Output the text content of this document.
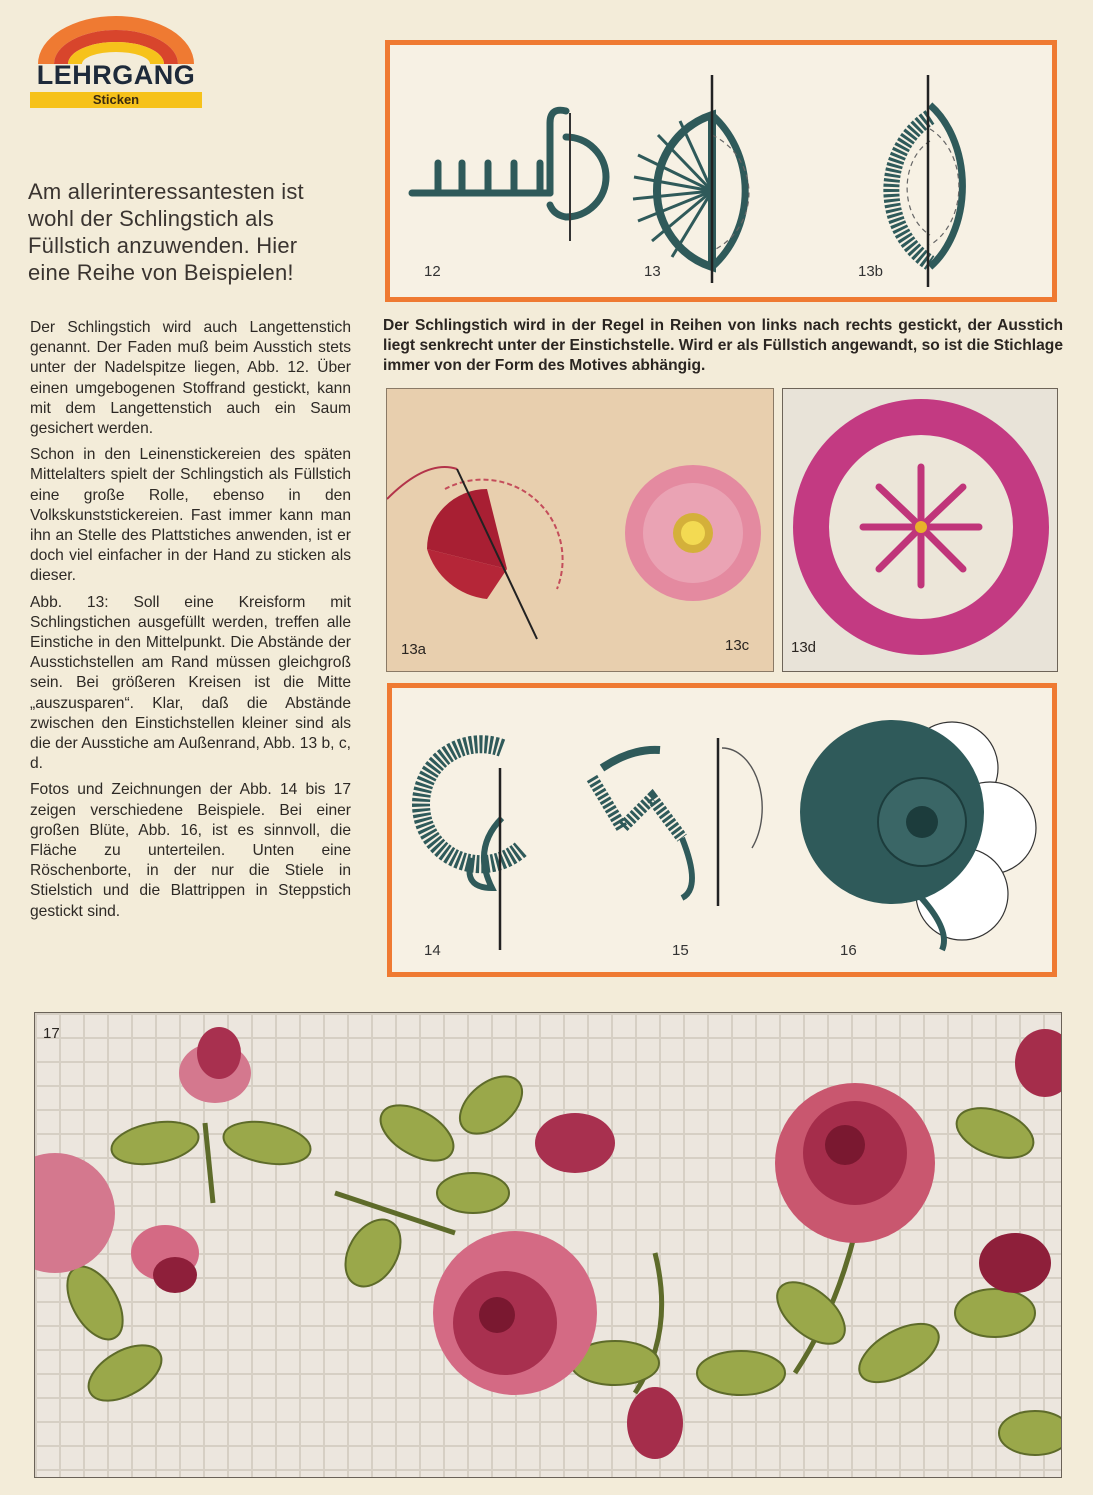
LEHRGANG
Sticken
Am allerinteressantesten ist
wohl der Schlingstich als
Füllstich anzuwenden. Hier
eine Reihe von Beispielen!

Der Schlingstich wird auch Langettenstich genannt. Der Faden muß beim Ausstich stets unter der Nadelspitze liegen, Abb. 12. Über einen umgebogenen Stoffrand gestickt, kann mit dem Langettenstich auch ein Saum gesichert werden.

Schon in den Leinenstickereien des späten Mittelalters spielt der Schlingstich als Füllstich eine große Rolle, ebenso in den Volkskunststickereien. Fast immer kann man ihn an Stelle des Plattstiches anwenden, ist er doch viel einfacher in der Hand zu sticken als dieser.

Abb. 13: Soll eine Kreisform mit Schlingstichen ausgefüllt werden, treffen alle Einstiche in den Mittelpunkt. Die Abstände der Ausstichstellen am Rand müssen gleichgroß sein. Bei größeren Kreisen ist die Mitte „auszusparen“. Klar, daß die Abstände zwischen den Einstichstellen kleiner sind als die der Ausstiche am Außenrand, Abb. 13 b, c, d.

Fotos und Zeichnungen der Abb. 14 bis 17 zeigen verschiedene Beispiele. Bei einer großen Blüte, Abb. 16, ist es sinnvoll, die Fläche zu unterteilen. Unten eine Röschenborte, in der nur die Stiele in Stielstich und die Blattrippen in Steppstich gestickt sind.

12	13	13b
Der Schlingstich wird in der Regel in Reihen von links nach rechts gestickt, der Ausstich liegt senkrecht unter der Einstichstelle. Wird er als Füllstich angewandt, so ist die Stichlage immer von der Form des Motives abhängig.
13a	13c	13d
14	15	16
17
